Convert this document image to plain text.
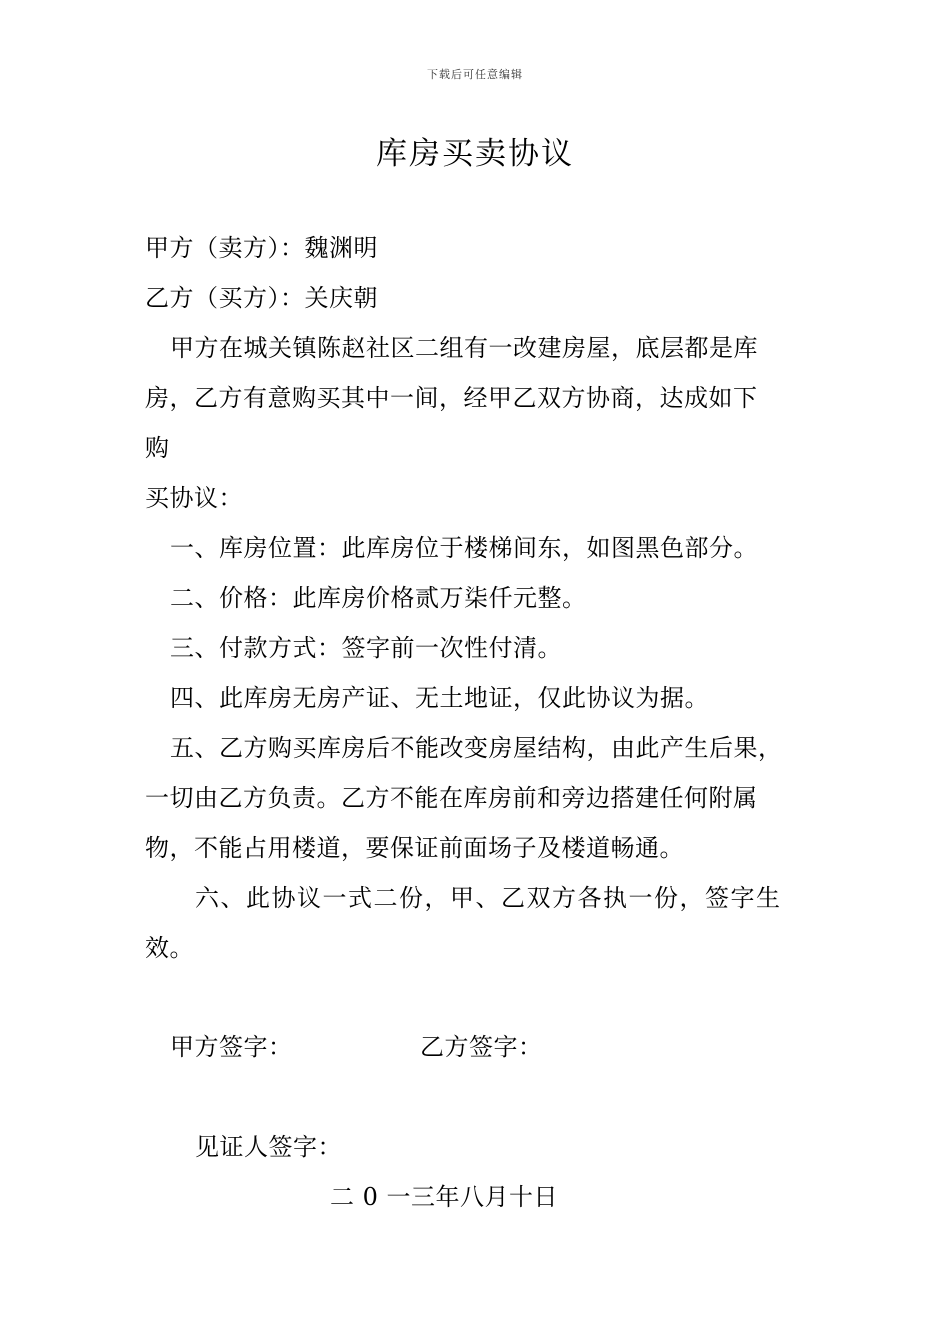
下载后可任意编辑
库房买卖协议
甲方（卖方）：魏渊明
乙方（买方）：关庆朝
甲方在城关镇陈赵社区二组有一改建房屋，底层都是库
房，乙方有意购买其中一间，经甲乙双方协商，达成如下
购
买协议：
一、库房位置：此库房位于楼梯间东，如图黑色部分。
二、价格：此库房价格贰万柒仟元整。
三、付款方式：签字前一次性付清。
四、此库房无房产证、无土地证，仅此协议为据。
五、乙方购买库房后不能改变房屋结构，由此产生后果，
一切由乙方负责。乙方不能在库房前和旁边搭建任何附属
物，不能占用楼道，要保证前面场子及楼道畅通。
六、此协议一式二份，甲、乙双方各执一份，签字生
效。
甲方签字：	乙方签字：
见证人签字：
二 0 一三年八月十日
